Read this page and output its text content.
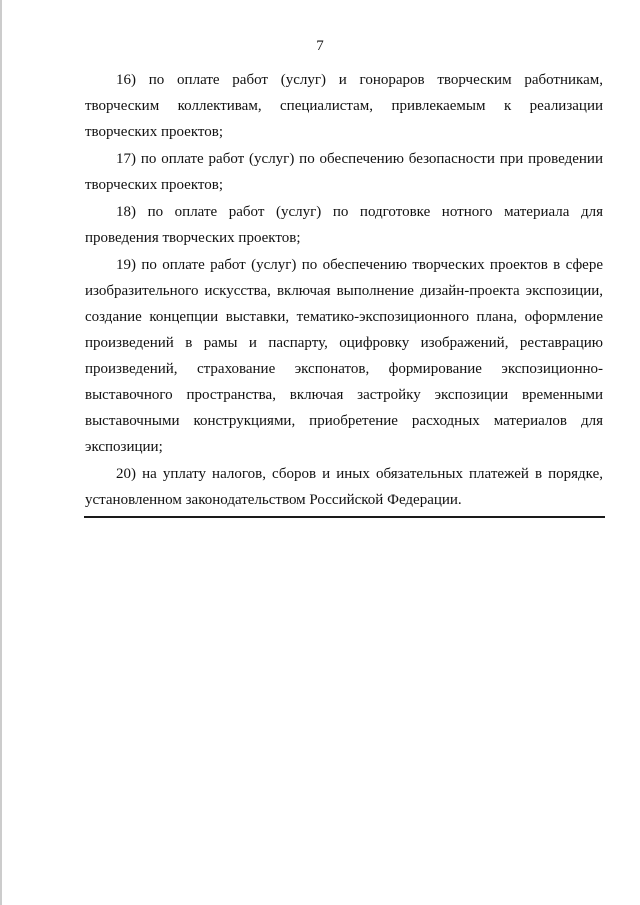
7

16) по оплате работ (услуг) и гонораров творческим работникам, творческим коллективам, специалистам, привлекаемым к реализации творческих проектов;

17) по оплате работ (услуг) по обеспечению безопасности при проведении творческих проектов;

18) по оплате работ (услуг) по подготовке нотного материала для проведения творческих проектов;

19) по оплате работ (услуг) по обеспечению творческих проектов в сфере изобразительного искусства, включая выполнение дизайн-проекта экспозиции, создание концепции выставки, тематико-экспозиционного плана, оформление произведений в рамы и паспарту, оцифровку изображений, реставрацию произведений, страхование экспонатов, формирование экспозиционно-выставочного пространства, включая застройку экспозиции временными выставочными конструкциями, приобретение расходных материалов для экспозиции;

20) на уплату налогов, сборов и иных обязательных платежей в порядке, установленном законодательством Российской Федерации.
